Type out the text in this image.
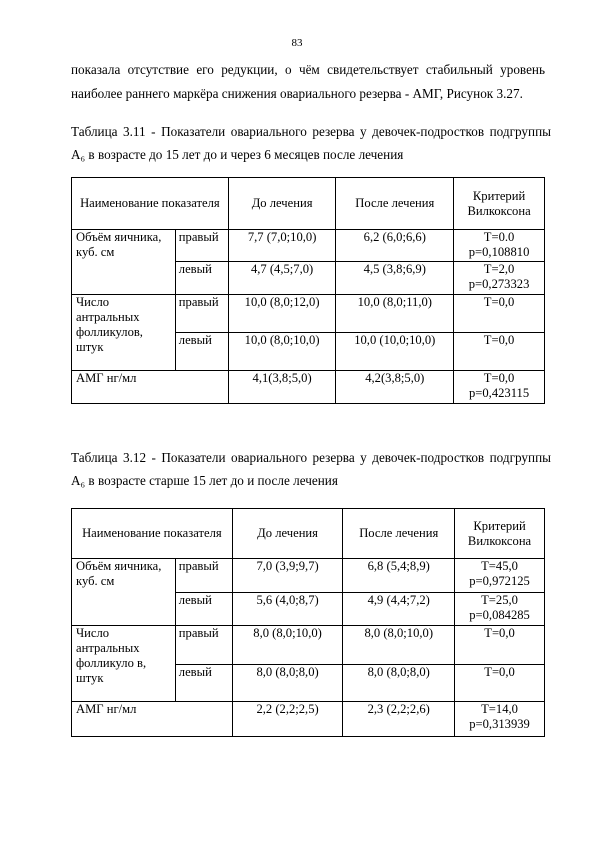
83
показала отсутствие его редукции, о чём свидетельствует стабильный уровень
наиболее раннего маркёра снижения овариального резерва - АМГ, Рисунок 3.27.
Таблица 3.11 - Показатели овариального резерва у девочек-подростков подгруппы
А₆ в возрасте до 15 лет до и через 6 месяцев после лечения
Наименование показателя		До лечения	После лечения	Критерий Вилкоксона
Объём яичника, куб. см	правый	7,7 (7,0;10,0)	6,2 (6,0;6,6)	T=0.0 p=0,108810
	левый	4,7 (4,5;7,0)	4,5 (3,8;6,9)	T=2,0 p=0,273323
Число антральных фолликулов, штук	правый	10,0 (8,0;12,0)	10,0 (8,0;11,0)	T=0,0
	левый	10,0 (8,0;10,0)	10,0 (10,0;10,0)	T=0,0
АМГ нг/мл		4,1(3,8;5,0)	4,2(3,8;5,0)	T=0,0 p=0,423115
Таблица 3.12 - Показатели овариального резерва у девочек-подростков подгруппы
А₆ в возрасте старше 15 лет до и после лечения
Наименование показателя		До лечения	После лечения	Критерий Вилкоксона
Объём яичника, куб. см	правый	7,0 (3,9;9,7)	6,8 (5,4;8,9)	T=45,0 p=0,972125
	левый	5,6 (4,0;8,7)	4,9 (4,4;7,2)	T=25,0 p=0,084285
Число антральных фолликуло в, штук	правый	8,0 (8,0;10,0)	8,0 (8,0;10,0)	T=0,0
	левый	8,0 (8,0;8,0)	8,0 (8,0;8,0)	T=0,0
АМГ нг/мл		2,2 (2,2;2,5)	2,3 (2,2;2,6)	T=14,0 p=0,313939
